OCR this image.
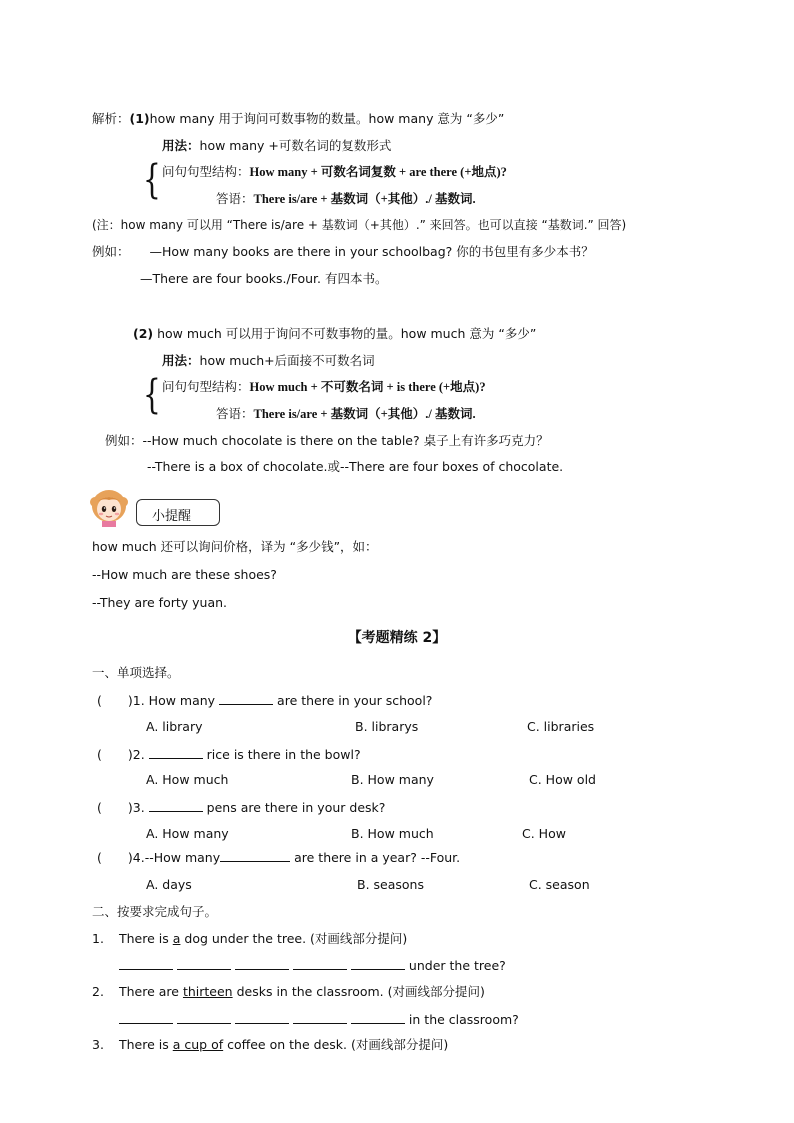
解析：(1)how many 用于询问可数事物的数量。how many 意为 “多少”
用法：how many +可数名词的复数形式
{ 问句句型结构：How many + 可数名词复数 + are there (+地点)?
答语：There is/are + 基数词（+其他）./ 基数词.
(注：how many 可以用 “There is/are + 基数词（+其他）.” 来回答。也可以直接 “基数词.” 回答)
例如： —How many books are there in your schoolbag? 你的书包里有多少本书？
—There are four books./Four. 有四本书。
(2) how much 可以用于询问不可数事物的量。how much 意为 “多少”
用法：how much+后面接不可数名词
{ 问句句型结构：How much + 不可数名词 + is there (+地点)?
答语：There is/are + 基数词（+其他）./ 基数词.
例如：--How much chocolate is there on the table? 桌子上有许多巧克力？
--There is a box of chocolate.或--There are four boxes of chocolate.
小提醒
how much 还可以询问价格，译为 “多少钱”，如：
--How much are these shoes?
--They are forty yuan.
【考题精练 2】
一、单项选择。
( )1. How many	are there in your school?
A. library	B. librarys	C. libraries
( )2.	rice is there in the bowl?
A. How much	B. How many	C. How old
( )3.	pens are there in your desk?
A. How many	B. How much	C. How
( )4.--How many	are there in a year? --Four.
A. days	B. seasons	C. season
二、按要求完成句子。
1. There is a dog under the tree. (对画线部分提问)
under the tree?
2. There are thirteen desks in the classroom. (对画线部分提问)
in the classroom?
3. There is a cup of coffee on the desk. (对画线部分提问)
